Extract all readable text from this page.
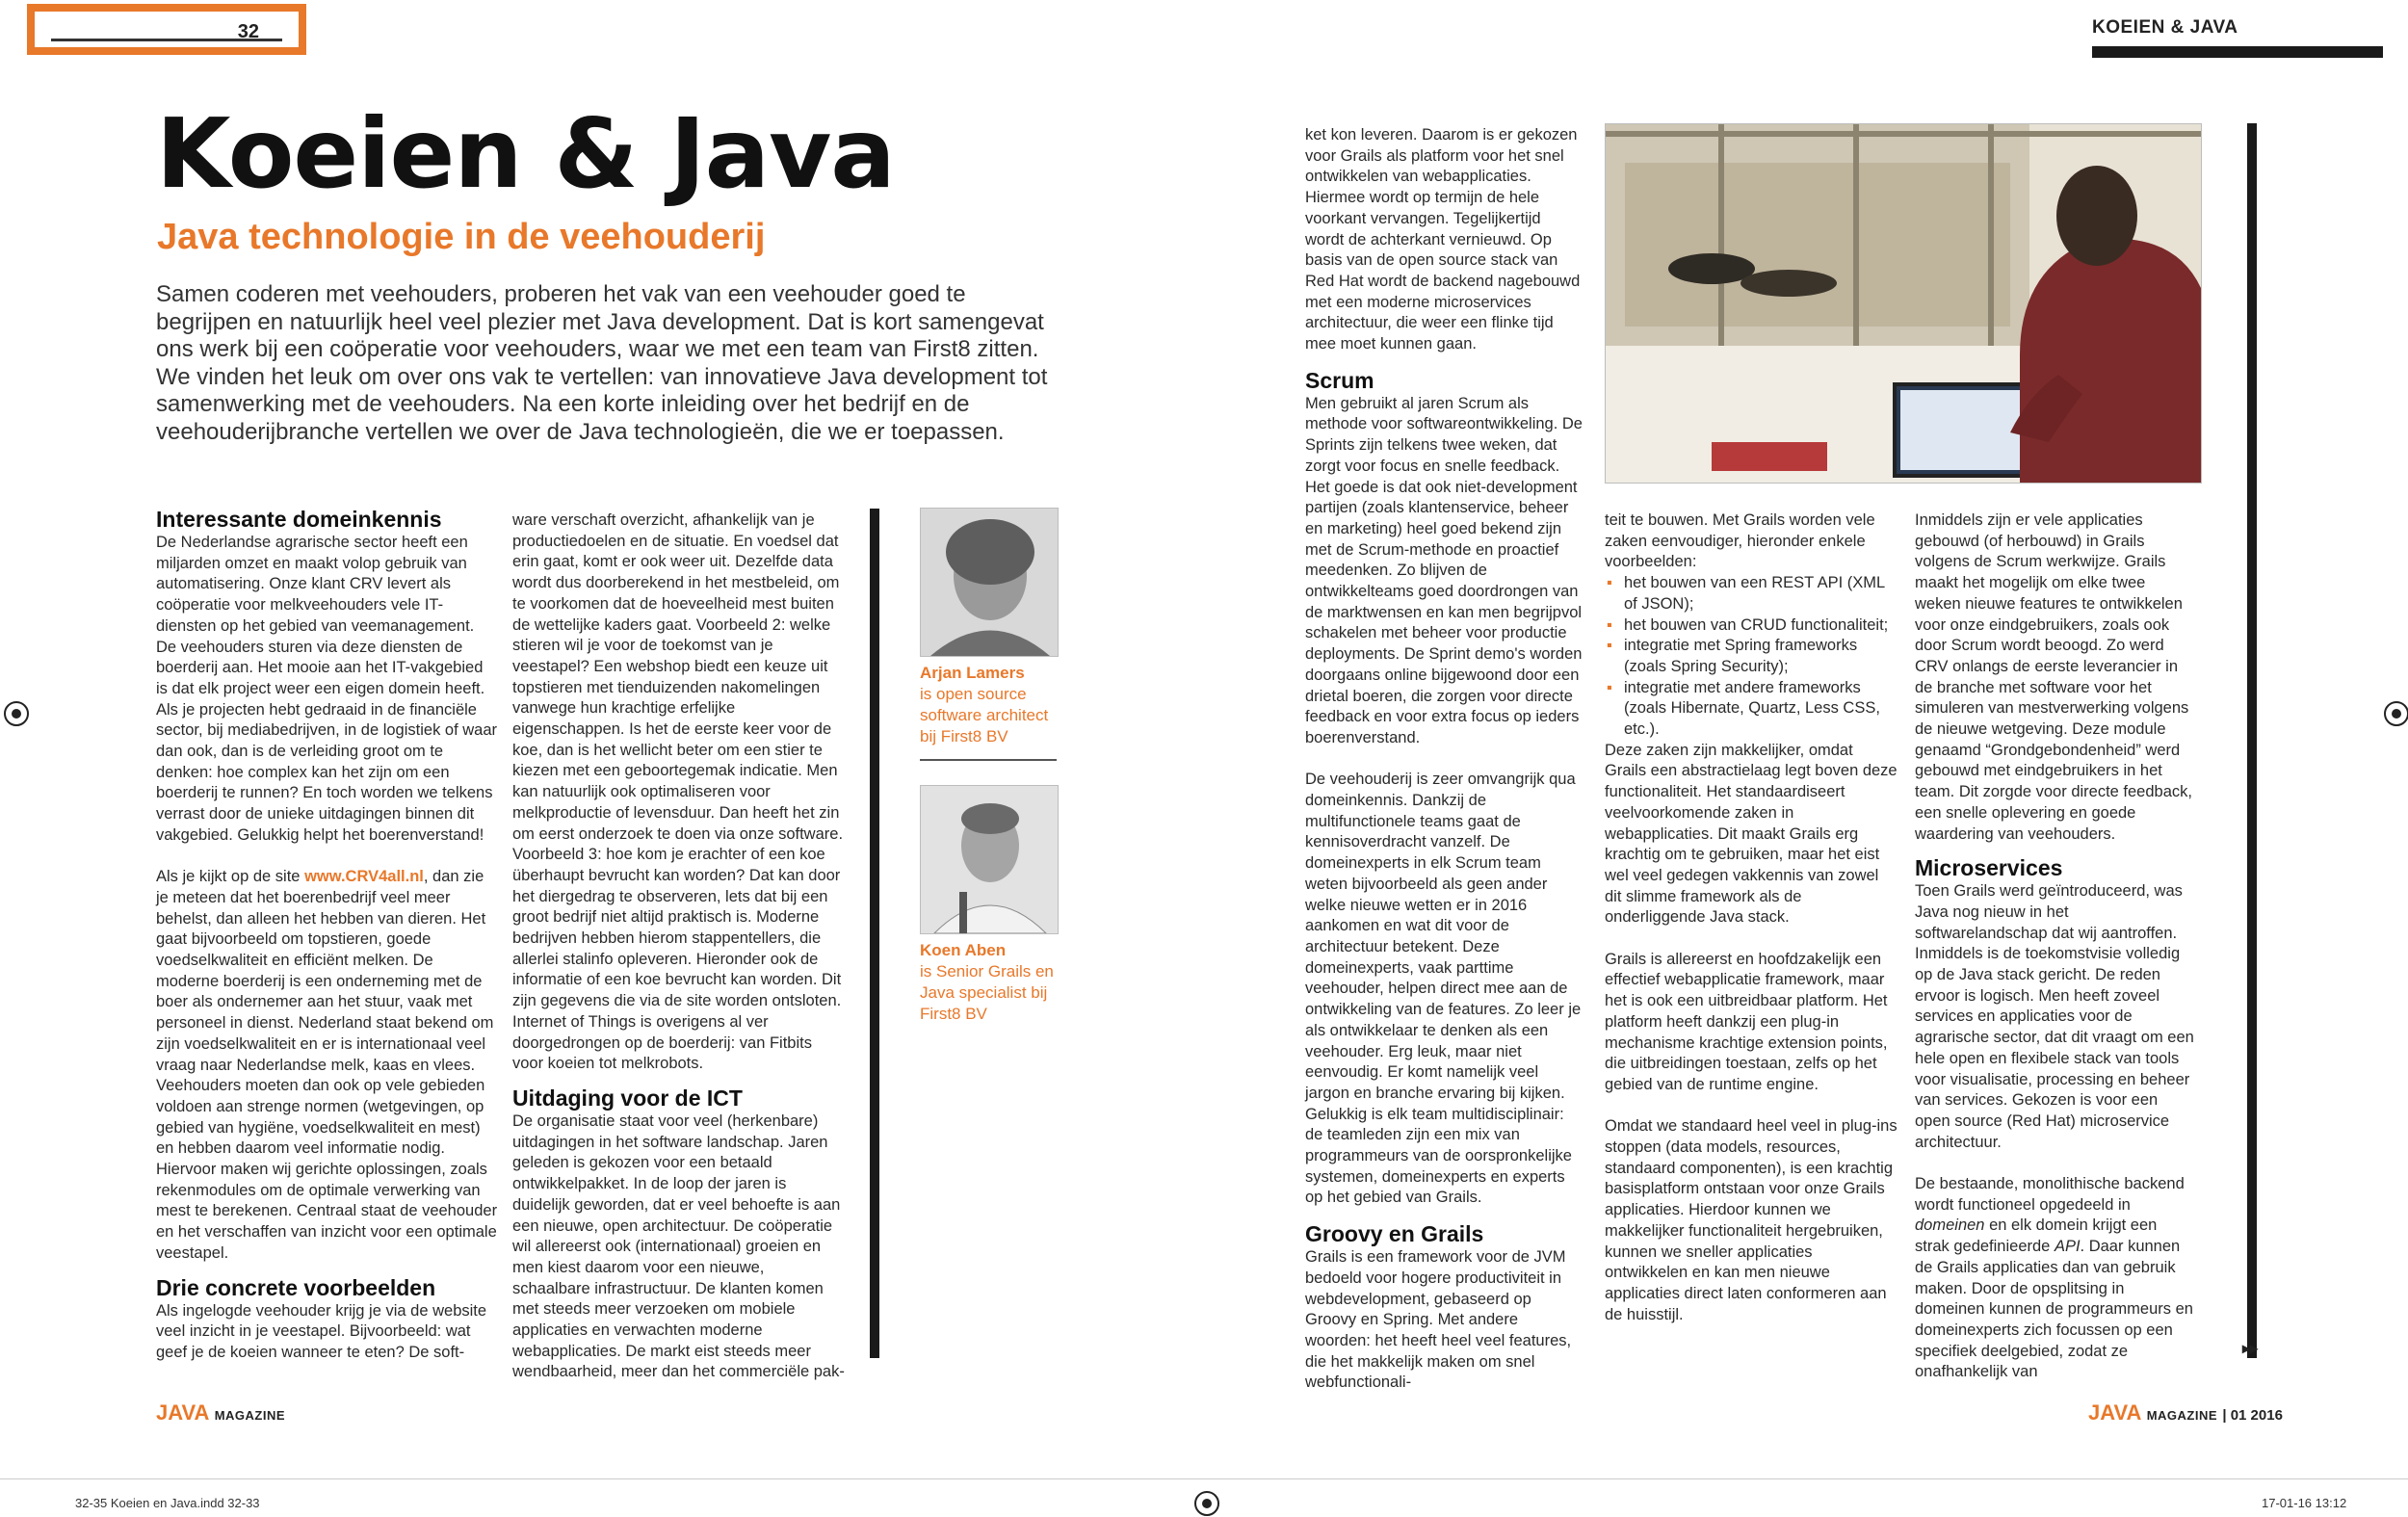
32	KOEIEN & JAVA
Koeien & Java
Java technologie in de veehouderij
Samen coderen met veehouders, proberen het vak van een veehouder goed te begrijpen en natuurlijk heel veel plezier met Java development. Dat is kort samengevat ons werk bij een coöperatie voor veehouders, waar we met een team van First8 zitten. We vinden het leuk om over ons vak te vertellen: van innovatieve Java development tot samenwerking met de veehouders. Na een korte inleiding over het bedrijf en de veehouderijbranche vertellen we over de Java technologieën, die we er toepassen.
Interessante domeinkennis

De Nederlandse agrarische sector heeft een miljarden omzet en maakt volop gebruik van automatisering. Onze klant CRV levert als coöperatie voor melkveehouders vele IT-diensten op het gebied van veemanagement. De veehouders sturen via deze diensten de boerderij aan. Het mooie aan het IT-vakgebied is dat elk project weer een eigen domein heeft. Als je projecten hebt gedraaid in de financiële sector, bij mediabedrijven, in de logistiek of waar dan ook, dan is de verleiding groot om te denken: hoe complex kan het zijn om een boerderij te runnen? En toch worden we telkens verrast door de unieke uitdagingen binnen dit vakgebied. Gelukkig helpt het boerenverstand!

Als je kijkt op de site www.CRV4all.nl, dan zie je meteen dat het boerenbedrijf veel meer behelst, dan alleen het hebben van dieren. Het gaat bijvoorbeeld om topstieren, goede voedselkwaliteit en efficiënt melken. De moderne boerderij is een onderneming met de boer als ondernemer aan het stuur, vaak met personeel in dienst. Nederland staat bekend om zijn voedselkwaliteit en er is internationaal veel vraag naar Nederlandse melk, kaas en vlees. Veehouders moeten dan ook op vele gebieden voldoen aan strenge normen (wetgevingen, op gebied van hygiëne, voedselkwaliteit en mest) en hebben daarom veel informatie nodig. Hiervoor maken wij gerichte oplossingen, zoals rekenmodules om de optimale verwerking van mest te berekenen. Centraal staat de veehouder en het verschaffen van inzicht voor een optimale veestapel.

Drie concrete voorbeelden

Als ingelogde veehouder krijg je via de website veel inzicht in je veestapel. Bijvoorbeeld: wat geef je de koeien wanneer te eten? De soft-

ware verschaft overzicht, afhankelijk van je productiedoelen en de situatie. En voedsel dat erin gaat, komt er ook weer uit. Dezelfde data wordt dus doorberekend in het mestbeleid, om te voorkomen dat de hoeveelheid mest buiten de wettelijke kaders gaat. Voorbeeld 2: welke stieren wil je voor de toekomst van je veestapel? Een webshop biedt een keuze uit topstieren met tienduizenden nakomelingen vanwege hun krachtige erfelijke eigenschappen. Is het de eerste keer voor de koe, dan is het wellicht beter om een stier te kiezen met een geboortegemak indicatie. Men kan natuurlijk ook optimaliseren voor melkproductie of levensduur. Dan heeft het zin om eerst onderzoek te doen via onze software. Voorbeeld 3: hoe kom je erachter of een koe überhaupt bevrucht kan worden? Dat kan door het diergedrag te observeren, lets dat bij een groot bedrijf niet altijd praktisch is. Moderne bedrijven hebben hierom stappentellers, die allerlei stalinfo opleveren. Hieronder ook de informatie of een koe bevrucht kan worden. Dit zijn gegevens die via de site worden ontsloten. Internet of Things is overigens al ver doorgedrongen op de boerderij: van Fitbits voor koeien tot melkrobots.

Uitdaging voor de ICT

De organisatie staat voor veel (herkenbare) uitdagingen in het software landschap. Jaren geleden is gekozen voor een betaald ontwikkelpakket. In de loop der jaren is duidelijk geworden, dat er veel behoefte is aan een nieuwe, open architectuur. De coöperatie wil allereerst ook (internationaal) groeien en men kiest daarom voor een nieuwe, schaalbare infrastructuur. De klanten komen met steeds meer verzoeken om mobiele applicaties en verwachten moderne webapplicaties. De markt eist steeds meer wendbaarheid, meer dan het commerciële pak-

Arjan Lamers
is open source
software architect
bij First8 BV
Koen Aben
is Senior Grails en
Java specialist bij
First8 BV

ket kon leveren. Daarom is er gekozen voor Grails als platform voor het snel ontwikkelen van webapplicaties. Hiermee wordt op termijn de hele voorkant vervangen. Tegelijkertijd wordt de achterkant vernieuwd. Op basis van de open source stack van Red Hat wordt de backend nagebouwd met een moderne microservices architectuur, die weer een flinke tijd mee moet kunnen gaan.

Scrum

Men gebruikt al jaren Scrum als methode voor softwareontwikkeling. De Sprints zijn telkens twee weken, dat zorgt voor focus en snelle feedback. Het goede is dat ook niet-development partijen (zoals klantenservice, beheer en marketing) heel goed bekend zijn met de Scrum-methode en proactief meedenken. Zo blijven de ontwikkelteams goed doordrongen van de marktwensen en kan men begrijpvol schakelen met beheer voor productie deployments. De Sprint demo's worden doorgaans online bijgewoond door een drietal boeren, die zorgen voor directe feedback en voor extra focus op ieders boerenverstand.

De veehouderij is zeer omvangrijk qua domeinkennis. Dankzij de multifunctionele teams gaat de kennisoverdracht vanzelf. De domeinexperts in elk Scrum team weten bijvoorbeeld als geen ander welke nieuwe wetten er in 2016 aankomen en wat dit voor de architectuur betekent. Deze domeinexperts, vaak parttime veehouder, helpen direct mee aan de ontwikkeling van de features. Zo leer je als ontwikkelaar te denken als een veehouder. Erg leuk, maar niet eenvoudig. Er komt namelijk veel jargon en branche ervaring bij kijken. Gelukkig is elk team multidisciplinair: de teamleden zijn een mix van programmeurs van de oorspronkelijke systemen, domeinexperts en experts op het gebied van Grails.

Groovy en Grails

Grails is een framework voor de JVM bedoeld voor hogere productiviteit in webdevelopment, gebaseerd op Groovy en Spring. Met andere woorden: het heeft heel veel features, die het makkelijk maken om snel webfunctionali-

teit te bouwen. Met Grails worden vele zaken eenvoudiger, hieronder enkele voorbeelden:

▪ het bouwen van een REST API (XML of JSON);
▪ het bouwen van CRUD functionaliteit;
▪ integratie met Spring frameworks (zoals Spring Security);
▪ integratie met andere frameworks (zoals Hibernate, Quartz, Less CSS, etc.).

Deze zaken zijn makkelijker, omdat Grails een abstractielaag legt boven deze functionaliteit. Het standaardiseert veelvoorkomende zaken in webapplicaties. Dit maakt Grails erg krachtig om te gebruiken, maar het eist wel veel gedegen vakkennis van zowel dit slimme framework als de onderliggende Java stack.

Grails is allereerst en hoofdzakelijk een effectief webapplicatie framework, maar het is ook een uitbreidbaar platform. Het platform heeft dankzij een plug-in mechanisme krachtige extension points, die uitbreidingen toestaan, zelfs op het gebied van de runtime engine.

Omdat we standaard heel veel in plug-ins stoppen (data models, resources, standaard componenten), is een krachtig basisplatform ontstaan voor onze Grails applicaties. Hierdoor kunnen we makkelijker functionaliteit hergebruiken, kunnen we sneller applicaties ontwikkelen en kan men nieuwe applicaties direct laten conformeren aan de huisstijl.

Inmiddels zijn er vele applicaties gebouwd (of herbouwd) in Grails volgens de Scrum werkwijze. Grails maakt het mogelijk om elke twee weken nieuwe features te ontwikkelen voor onze eindgebruikers, zoals ook door Scrum wordt beoogd. Zo werd CRV onlangs de eerste leverancier in de branche met software voor het simuleren van mestverwerking volgens de nieuwe wetgeving. Deze module genaamd “Grondgebondenheid” werd gebouwd met eindgebruikers in het team. Dit zorgde voor directe feedback, een snelle oplevering en goede waardering van veehouders.

Microservices

Toen Grails werd geïntroduceerd, was Java nog nieuw in het softwarelandschap dat wij aantroffen. Inmiddels is de toekomstvisie volledig op de Java stack gericht. De reden ervoor is logisch. Men heeft zoveel services en applicaties voor de agrarische sector, dat dit vraagt om een hele open en flexibele stack van tools voor visualisatie, processing en beheer van services. Gekozen is voor een open source (Red Hat) microservice architectuur.

De bestaande, monolithische backend wordt functioneel opgedeeld in domeinen en elk domein krijgt een strak gedefinieerde API. Daar kunnen de Grails applicaties dan van gebruik maken. Door de opsplitsing in domeinen kunnen de programmeurs en domeinexperts zich focussen op een specifiek deelgebied, zodat ze onafhankelijk van

▸▸
JAVA MAGAZINE	JAVA MAGAZINE | 01 2016
32-35 Koeien en Java.indd 32-33	17-01-16 13:12
